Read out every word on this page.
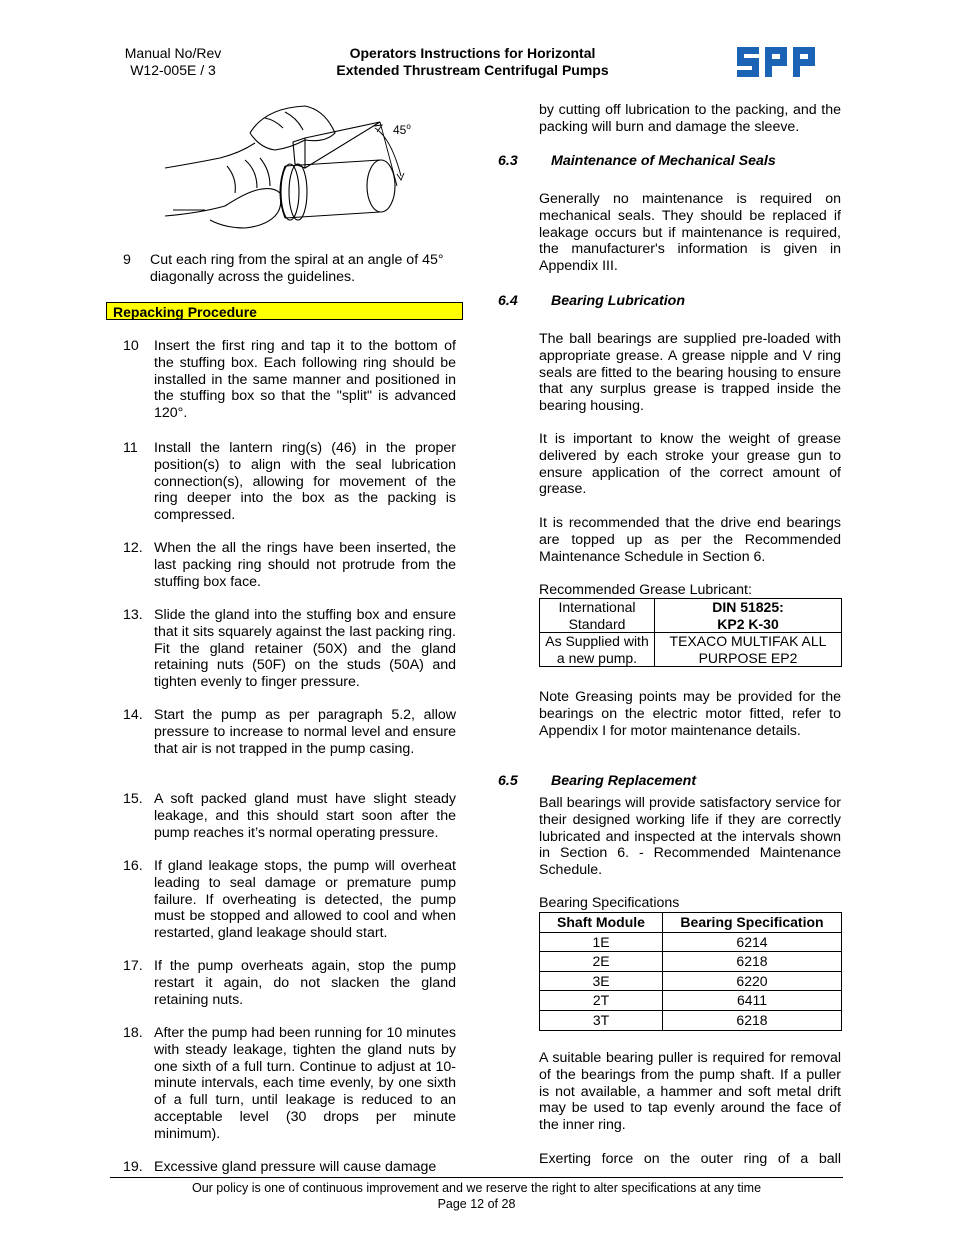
Manual No/Rev
W12-005E / 3
Operators Instructions for Horizontal
Extended Thrustream Centrifugal Pumps
45$^o$
9 Cut each ring from the spiral at an angle of 45° diagonally across the guidelines.
Repacking Procedure
10 Insert the first ring and tap it to the bottom of the stuffing box. Each following ring should be installed in the same manner and positioned in the stuffing box so that the "split" is advanced 120°.
11 Install the lantern ring(s) (46) in the proper position(s) to align with the seal lubrication connection(s), allowing for movement of the ring deeper into the box as the packing is compressed.
12. When the all the rings have been inserted, the last packing ring should not protrude from the stuffing box face.
13. Slide the gland into the stuffing box and ensure that it sits squarely against the last packing ring. Fit the gland retainer (50X) and the gland retaining nuts (50F) on the studs (50A) and tighten evenly to finger pressure.
14. Start the pump as per paragraph 5.2, allow pressure to increase to normal level and ensure that air is not trapped in the pump casing.
15. A soft packed gland must have slight steady leakage, and this should start soon after the pump reaches it’s normal operating pressure.
16. If gland leakage stops, the pump will overheat leading to seal damage or premature pump failure. If overheating is detected, the pump must be stopped and allowed to cool and when restarted, gland leakage should start.
17. If the pump overheats again, stop the pump restart it again, do not slacken the gland retaining nuts.
18. After the pump had been running for 10 minutes with steady leakage, tighten the gland nuts by one sixth of a full turn. Continue to adjust at 10-minute intervals, each time evenly, by one sixth of a full turn, until leakage is reduced to an acceptable level (30 drops per minute minimum).
19. Excessive gland pressure will cause damage
by cutting off lubrication to the packing, and the packing will burn and damage the sleeve.
6.3 Maintenance of Mechanical Seals
Generally no maintenance is required on mechanical seals. They should be replaced if leakage occurs but if maintenance is required, the manufacturer's information is given in Appendix III.
6.4 Bearing Lubrication
The ball bearings are supplied pre-loaded with appropriate grease. A grease nipple and V ring seals are fitted to the bearing housing to ensure that any surplus grease is trapped inside the bearing housing.
It is important to know the weight of grease delivered by each stroke your grease gun to ensure application of the correct amount of grease.
It is recommended that the drive end bearings are topped up as per the Recommended Maintenance Schedule in Section 6.
Recommended Grease Lubricant:
International Standard	DIN 51825:
KP2 K-30

As Supplied with a new pump.	TEXACO MULTIFAK ALL PURPOSE EP2
Note Greasing points may be provided for the bearings on the electric motor fitted, refer to Appendix I for motor maintenance details.
6.5 Bearing Replacement
Ball bearings will provide satisfactory service for their designed working life if they are correctly lubricated and inspected at the intervals shown in Section 6. - Recommended Maintenance Schedule.
Bearing Specifications
Shaft Module	Bearing Specification
1E	6214
2E	6218
3E	6220
2T	6411
3T	6218
A suitable bearing puller is required for removal of the bearings from the pump shaft. If a puller is not available, a hammer and soft metal drift may be used to tap evenly around the face of the inner ring.
Exerting force on the outer ring of a ball
Our policy is one of continuous improvement and we reserve the right to alter specifications at any time
Page 12 of 28
